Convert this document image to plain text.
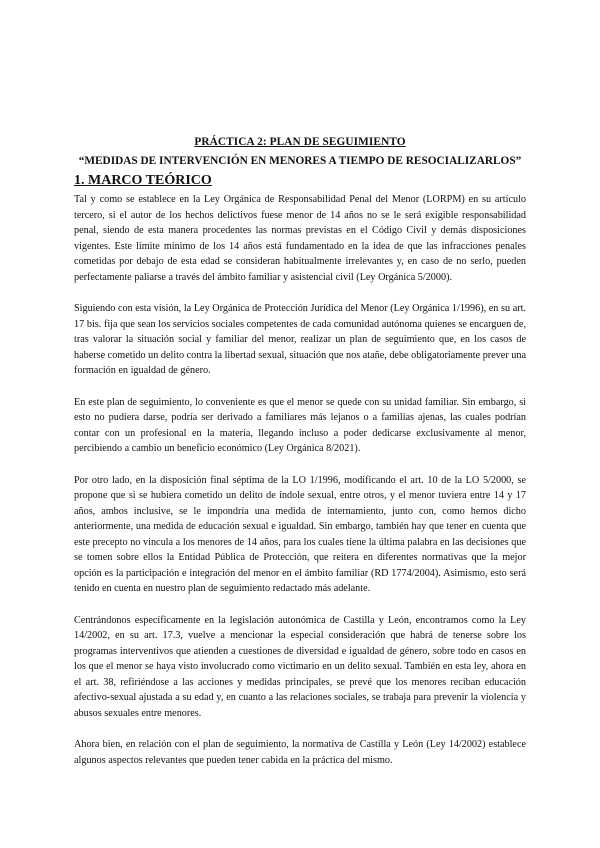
PRÁCTICA 2: PLAN DE SEGUIMIENTO

“MEDIDAS DE INTERVENCIÓN EN MENORES A TIEMPO DE RESOCIALIZARLOS”

1. MARCO TEÓRICO

Tal y como se establece en la Ley Orgánica de Responsabilidad Penal del Menor (LORPM) en su artículo tercero, si el autor de los hechos delictivos fuese menor de 14 años no se le será exigible responsabilidad penal, siendo de esta manera procedentes las normas previstas en el Código Civil y demás disposiciones vigentes. Este límite mínimo de los 14 años está fundamentado en la idea de que las infracciones penales cometidas por debajo de esta edad se consideran habitualmente irrelevantes y, en caso de no serlo, pueden perfectamente paliarse a través del ámbito familiar y asistencial civil (Ley Orgánica 5/2000).

Siguiendo con esta visión, la Ley Orgánica de Protección Jurídica del Menor (Ley Orgánica 1/1996), en su art. 17 bis. fija que sean los servicios sociales competentes de cada comunidad autónoma quienes se encarguen de, tras valorar la situación social y familiar del menor, realizar un plan de seguimiento que, en los casos de haberse cometido un delito contra la libertad sexual, situación que nos atañe, debe obligatoriamente prever una formación en igualdad de género.

En este plan de seguimiento, lo conveniente es que el menor se quede con su unidad familiar. Sin embargo, si esto no pudiera darse, podría ser derivado a familiares más lejanos o a familias ajenas, las cuales podrían contar con un profesional en la materia, llegando incluso a poder dedicarse exclusivamente al menor, percibiendo a cambio un beneficio económico (Ley Orgánica 8/2021).

Por otro lado, en la disposición final séptima de la LO 1/1996, modificando el art. 10 de la LO 5/2000, se propone que si se hubiera cometido un delito de índole sexual, entre otros, y el menor tuviera entre 14 y 17 años, ambos inclusive, se le impondría una medida de internamiento, junto con, como hemos dicho anteriormente, una medida de educación sexual e igualdad. Sin embargo, también hay que tener en cuenta que este precepto no vincula a los menores de 14 años, para los cuales tiene la última palabra en las decisiones que se tomen sobre ellos la Entidad Pública de Protección, que reitera en diferentes normativas que la mejor opción es la participación e integración del menor en el ámbito familiar (RD 1774/2004). Asimismo, esto será tenido en cuenta en nuestro plan de seguimiento redactado más adelante.

Centrándonos específicamente en la legislación autonómica de Castilla y León, encontramos como la Ley 14/2002, en su art. 17.3, vuelve a mencionar la especial consideración que habrá de tenerse sobre los programas interventivos que atienden a cuestiones de diversidad e igualdad de género, sobre todo en casos en los que el menor se haya visto involucrado como victimario en un delito sexual. También en esta ley, ahora en el art. 38, refiriéndose a las acciones y medidas principales, se prevé que los menores reciban educación afectivo-sexual ajustada a su edad y, en cuanto a las relaciones sociales, se trabaja para prevenir la violencia y abusos sexuales entre menores.

Ahora bien, en relación con el plan de seguimiento, la normativa de Castilla y León (Ley 14/2002) establece algunos aspectos relevantes que pueden tener cabida en la práctica del mismo.
